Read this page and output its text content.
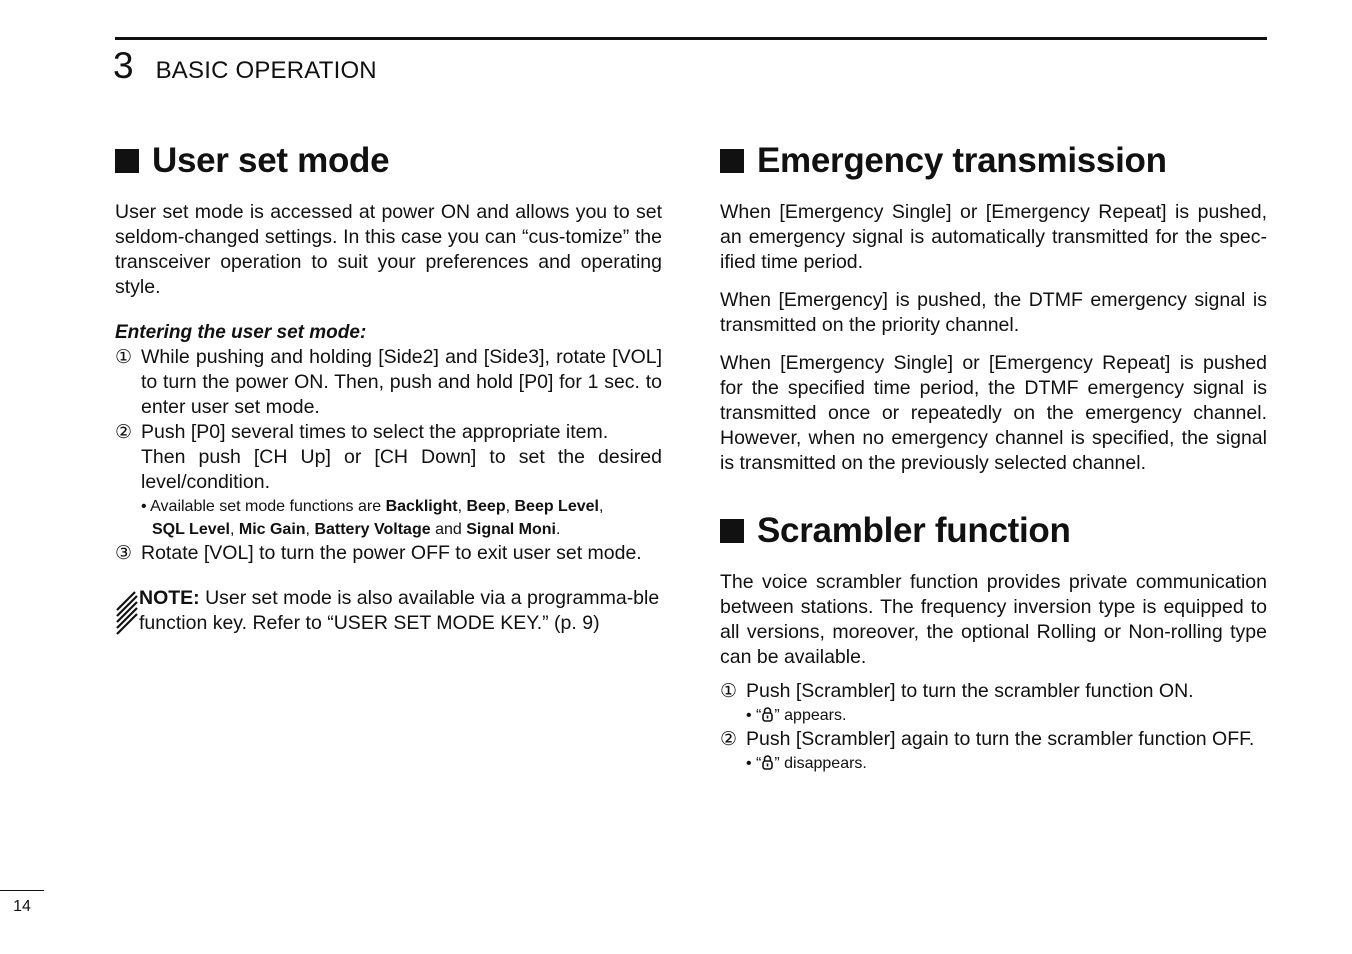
3 BASIC OPERATION
User set mode

User set mode is accessed at power ON and allows you to set seldom-changed settings. In this case you can “cus-tomize” the transceiver operation to suit your preferences and operating style.

Entering the user set mode:
① While pushing and holding [Side2] and [Side3], rotate [VOL] to turn the power ON. Then, push and hold [P0] for 1 sec. to enter user set mode.
② Push [P0] several times to select the appropriate item.
Then push [CH Up] or [CH Down] to set the desired level/condition.
• Available set mode functions are Backlight, Beep, Beep Level,
SQL Level, Mic Gain, Battery Voltage and Signal Moni.
③ Rotate [VOL] to turn the power OFF to exit user set mode.
NOTE: User set mode is also available via a programma-ble function key. Refer to “USER SET MODE KEY.” (p. 9)
Emergency transmission

When [Emergency Single] or [Emergency Repeat] is pushed, an emergency signal is automatically transmitted for the spec-ified time period.

When [Emergency] is pushed, the DTMF emergency signal is transmitted on the priority channel.

When [Emergency Single] or [Emergency Repeat] is pushed for the specified time period, the DTMF emergency signal is transmitted once or repeatedly on the emergency channel. However, when no emergency channel is specified, the signal is transmitted on the previously selected channel.

Scrambler function

The voice scrambler function provides private communication between stations. The frequency inversion type is equipped to all versions, moreover, the optional Rolling or Non-rolling type can be available.

① Push [Scrambler] to turn the scrambler function ON.
• “ ” appears.
② Push [Scrambler] again to turn the scrambler function OFF.
• “ ” disappears.
14
